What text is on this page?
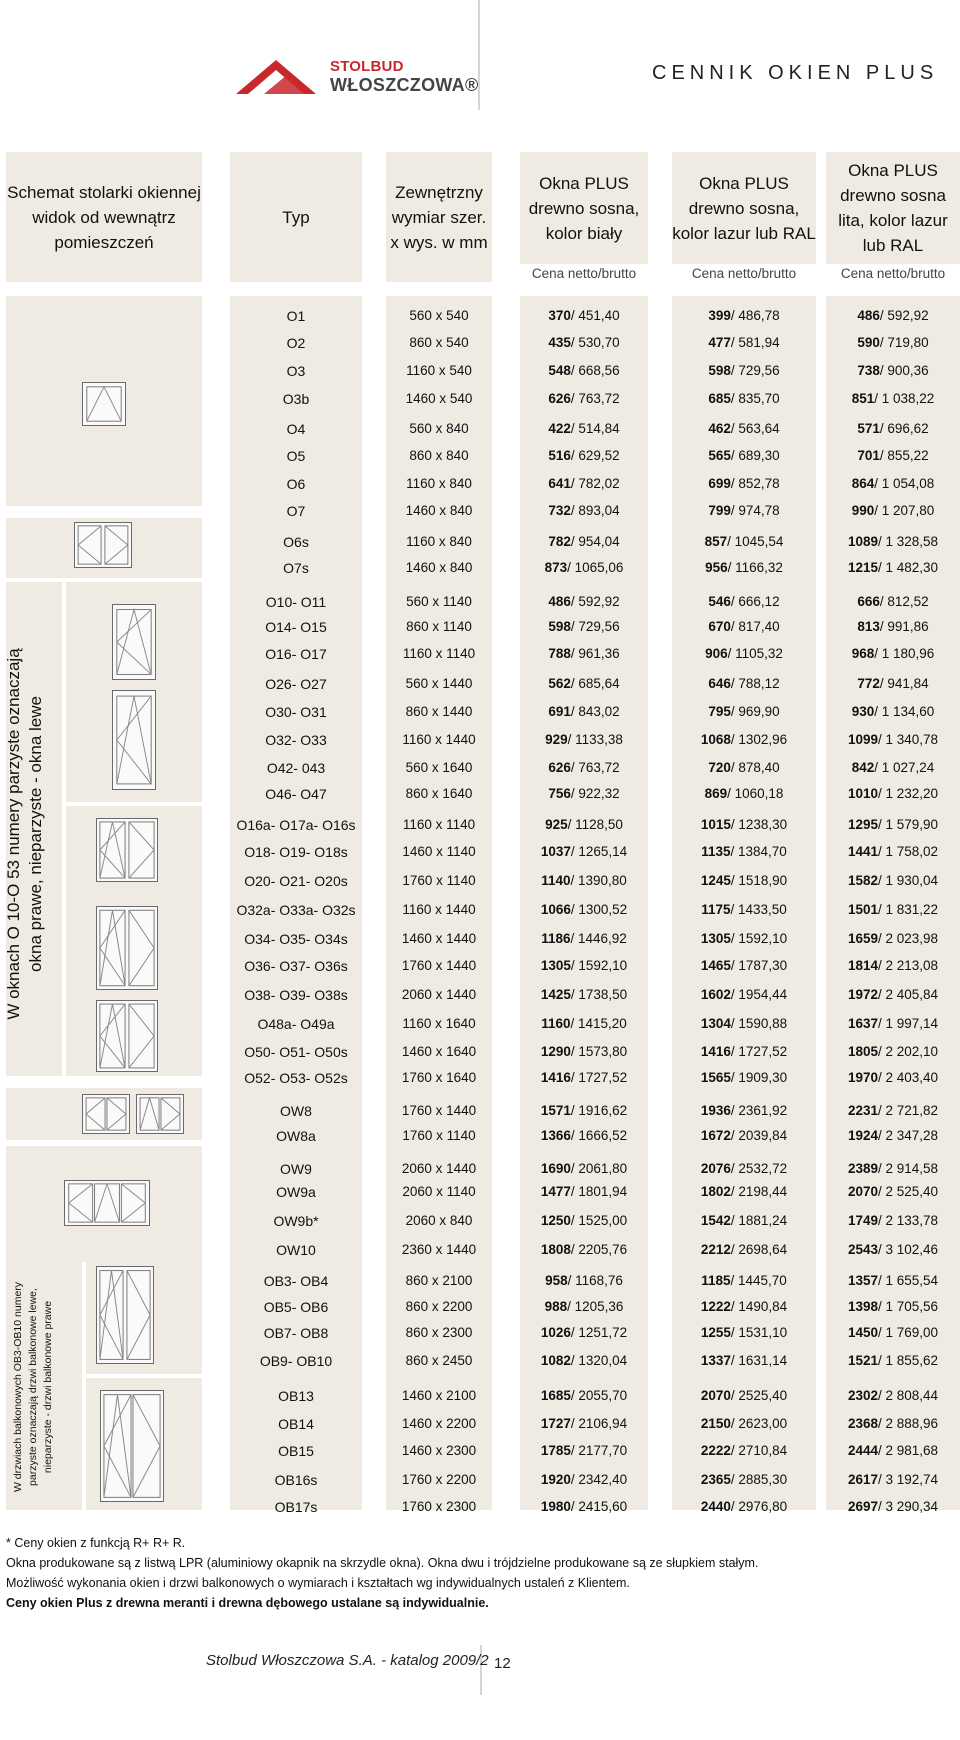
STOLBUD
WŁOSZCZOWA®
CENNIK OKIEN PLUS
Schemat stolarki okiennej widok od wewnątrz pomieszczeń
Typ
Zewnętrzny wymiar szer. x wys. w mm
Okna PLUS drewno sosna, kolor biały
Okna PLUS drewno sosna, kolor lazur lub RAL
Okna PLUS drewno sosna lita, kolor lazur lub RAL
Cena netto/brutto	Cena netto/brutto	Cena netto/brutto
W oknach O 10-O 53 numery parzyste oznaczają okna prawe, nieparzyste - okna lewe
W drzwiach balkonowych OB3-OB10 numery parzyste oznaczają drzwi balkonowe lewe, nieparzyste - drzwi balkonowe prawe
O1	560 x 540	370/ 451,40	399/ 486,78	486/ 592,92
O2	860 x 540	435/ 530,70	477/ 581,94	590/ 719,80
O3	1160 x 540	548/ 668,56	598/ 729,56	738/ 900,36
O3b	1460 x 540	626/ 763,72	685/ 835,70	851/ 1 038,22
O4	560 x 840	422/ 514,84	462/ 563,64	571/ 696,62
O5	860 x 840	516/ 629,52	565/ 689,30	701/ 855,22
O6	1160 x 840	641/ 782,02	699/ 852,78	864/ 1 054,08
O7	1460 x 840	732/ 893,04	799/ 974,78	990/ 1 207,80
O6s	1160 x 840	782/ 954,04	857/ 1045,54	1089/ 1 328,58
O7s	1460 x 840	873/ 1065,06	956/ 1166,32	1215/ 1 482,30
O10- O11	560 x 1140	486/ 592,92	546/ 666,12	666/ 812,52
O14- O15	860 x 1140	598/ 729,56	670/ 817,40	813/ 991,86
O16- O17	1160 x 1140	788/ 961,36	906/ 1105,32	968/ 1 180,96
O26- O27	560 x 1440	562/ 685,64	646/ 788,12	772/ 941,84
O30- O31	860 x 1440	691/ 843,02	795/ 969,90	930/ 1 134,60
O32- O33	1160 x 1440	929/ 1133,38	1068/ 1302,96	1099/ 1 340,78
O42- 043	560 x 1640	626/ 763,72	720/ 878,40	842/ 1 027,24
O46- O47	860 x 1640	756/ 922,32	869/ 1060,18	1010/ 1 232,20
O16a- O17a- O16s	1160 x 1140	925/ 1128,50	1015/ 1238,30	1295/ 1 579,90
O18- O19- O18s	1460 x 1140	1037/ 1265,14	1135/ 1384,70	1441/ 1 758,02
O20- O21- O20s	1760 x 1140	1140/ 1390,80	1245/ 1518,90	1582/ 1 930,04
O32a- O33a- O32s	1160 x 1440	1066/ 1300,52	1175/ 1433,50	1501/ 1 831,22
O34- O35- O34s	1460 x 1440	1186/ 1446,92	1305/ 1592,10	1659/ 2 023,98
O36- O37- O36s	1760 x 1440	1305/ 1592,10	1465/ 1787,30	1814/ 2 213,08
O38- O39- O38s	2060 x 1440	1425/ 1738,50	1602/ 1954,44	1972/ 2 405,84
O48a- O49a	1160 x 1640	1160/ 1415,20	1304/ 1590,88	1637/ 1 997,14
O50- O51- O50s	1460 x 1640	1290/ 1573,80	1416/ 1727,52	1805/ 2 202,10
O52- O53- O52s	1760 x 1640	1416/ 1727,52	1565/ 1909,30	1970/ 2 403,40
OW8	1760 x 1440	1571/ 1916,62	1936/ 2361,92	2231/ 2 721,82
OW8a	1760 x 1140	1366/ 1666,52	1672/ 2039,84	1924/ 2 347,28
OW9	2060 x 1440	1690/ 2061,80	2076/ 2532,72	2389/ 2 914,58
OW9a	2060 x 1140	1477/ 1801,94	1802/ 2198,44	2070/ 2 525,40
OW9b*	2060 x 840	1250/ 1525,00	1542/ 1881,24	1749/ 2 133,78
OW10	2360 x 1440	1808/ 2205,76	2212/ 2698,64	2543/ 3 102,46
OB3- OB4	860 x 2100	958/ 1168,76	1185/ 1445,70	1357/ 1 655,54
OB5- OB6	860 x 2200	988/ 1205,36	1222/ 1490,84	1398/ 1 705,56
OB7- OB8	860 x 2300	1026/ 1251,72	1255/ 1531,10	1450/ 1 769,00
OB9- OB10	860 x 2450	1082/ 1320,04	1337/ 1631,14	1521/ 1 855,62
OB13	1460 x 2100	1685/ 2055,70	2070/ 2525,40	2302/ 2 808,44
OB14	1460 x 2200	1727/ 2106,94	2150/ 2623,00	2368/ 2 888,96
OB15	1460 x 2300	1785/ 2177,70	2222/ 2710,84	2444/ 2 981,68
OB16s	1760 x 2200	1920/ 2342,40	2365/ 2885,30	2617/ 3 192,74
OB17s	1760 x 2300	1980/ 2415,60	2440/ 2976,80	2697/ 3 290,34
* Ceny okien z funkcją R+ R+ R.
Okna produkowane są z listwą LPR (aluminiowy okapnik na skrzydle okna). Okna dwu i trójdzielne produkowane są ze słupkiem stałym.
Możliwość wykonania okien i drzwi balkonowych o wymiarach i kształtach wg indywidualnych ustaleń z Klientem.
Ceny okien Plus z drewna meranti i drewna dębowego ustalane są indywidualnie.
Stolbud Włoszczowa S.A. - katalog 2009/2 12
